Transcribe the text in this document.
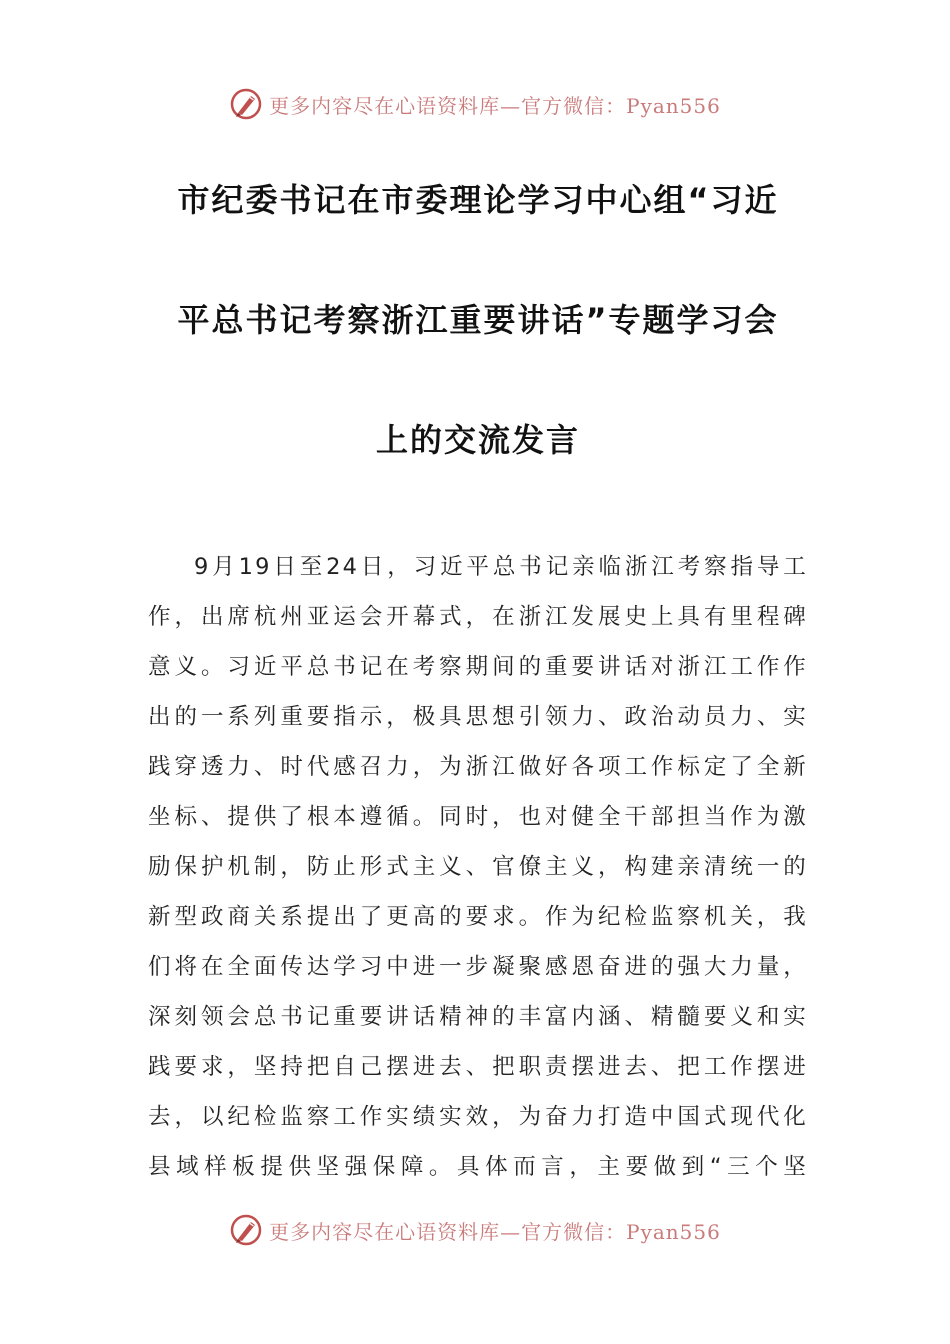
更多内容尽在心语资料库—官方微信：Pyan556
市纪委书记在市委理论学习中心组“习近
平总书记考察浙江重要讲话”专题学习会
上的交流发言
9月19日至24日，习近平总书记亲临浙江考察指导工
作，出席杭州亚运会开幕式，在浙江发展史上具有里程碑
意义。习近平总书记在考察期间的重要讲话对浙江工作作
出的一系列重要指示，极具思想引领力、政治动员力、实
践穿透力、时代感召力，为浙江做好各项工作标定了全新
坐标、提供了根本遵循。同时，也对健全干部担当作为激
励保护机制，防止形式主义、官僚主义，构建亲清统一的
新型政商关系提出了更高的要求。作为纪检监察机关，我
们将在全面传达学习中进一步凝聚感恩奋进的强大力量，
深刻领会总书记重要讲话精神的丰富内涵、精髓要义和实
践要求，坚持把自己摆进去、把职责摆进去、把工作摆进
去，以纪检监察工作实绩实效，为奋力打造中国式现代化
县域样板提供坚强保障。具体而言，主要做到“三个坚
更多内容尽在心语资料库—官方微信：Pyan556
